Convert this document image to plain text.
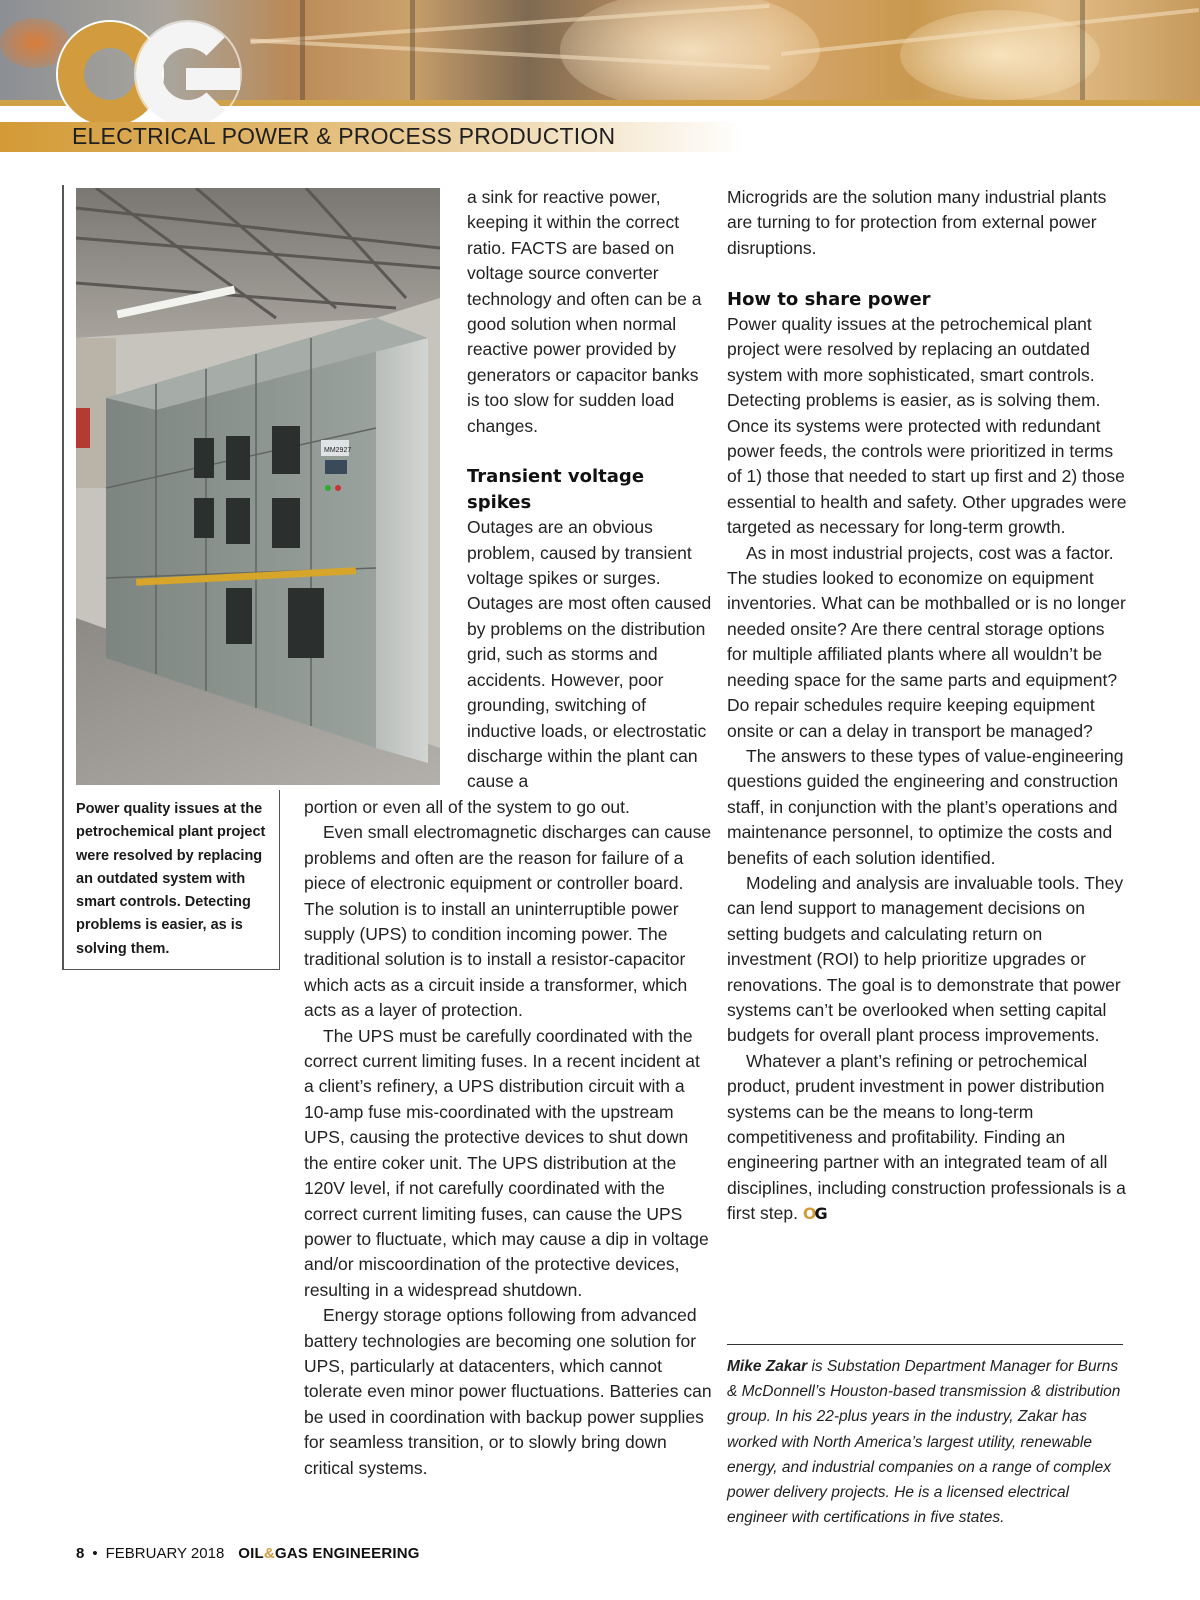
ELECTRICAL POWER & PROCESS PRODUCTION
MM2927
Power quality issues at the petrochemical plant project were resolved by replacing an outdated system with smart controls. Detecting problems is easier, as is solving them.

a sink for reactive power, keeping it within the correct ratio. FACTS are based on voltage source converter technology and often can be a good solution when normal reactive power provided by generators or capacitor banks is too slow for sudden load changes.

Transient voltage spikes

Outages are an obvious problem, caused by transient voltage spikes or surges. Outages are most often caused by problems on the distribution grid, such as storms and accidents. However, poor grounding, switching of inductive loads, or electrostatic discharge within the plant can cause a

portion or even all of the system to go out.

Even small electromagnetic discharges can cause problems and often are the reason for failure of a piece of electronic equipment or controller board. The solution is to install an uninterruptible power supply (UPS) to condition incoming power. The traditional solution is to install a resistor-capacitor which acts as a circuit inside a transformer, which acts as a layer of protection.

The UPS must be carefully coordinated with the correct current limiting fuses. In a recent incident at a client’s refinery, a UPS distribution circuit with a 10-amp fuse mis-coordinated with the upstream UPS, causing the protective devices to shut down the entire coker unit. The UPS distribution at the 120V level, if not carefully coordinated with the correct current limiting fuses, can cause the UPS power to fluctuate, which may cause a dip in voltage and/or miscoordination of the protective devices, resulting in a widespread shutdown.

Energy storage options following from advanced battery technologies are becoming one solution for UPS, particularly at datacenters, which cannot tolerate even minor power fluctuations. Batteries can be used in coordination with backup power supplies for seamless transition, or to slowly bring down critical systems.

Microgrids are the solution many industrial plants are turning to for protection from external power disruptions.

How to share power

Power quality issues at the petrochemical plant project were resolved by replacing an outdated system with more sophisticated, smart controls. Detecting problems is easier, as is solving them. Once its systems were protected with redundant power feeds, the controls were prioritized in terms of 1) those that needed to start up first and 2) those essential to health and safety. Other upgrades were targeted as necessary for long-term growth.

As in most industrial projects, cost was a factor. The studies looked to economize on equipment inventories. What can be mothballed or is no longer needed onsite? Are there central storage options for multiple affiliated plants where all wouldn’t be needing space for the same parts and equipment? Do repair schedules require keeping equipment onsite or can a delay in transport be managed?

The answers to these types of value-engineering questions guided the engineering and construction staff, in conjunction with the plant’s operations and maintenance personnel, to optimize the costs and benefits of each solution identified.

Modeling and analysis are invaluable tools. They can lend support to management decisions on setting budgets and calculating return on investment (ROI) to help prioritize upgrades or renovations. The goal is to demonstrate that power systems can’t be overlooked when setting capital budgets for overall plant process improvements.

Whatever a plant’s refining or petrochemical product, prudent investment in power distribution systems can be the means to long-term competitiveness and profitability. Finding an engineering partner with an integrated team of all disciplines, including construction professionals is a first step. OG

Mike Zakar is Substation Department Manager for Burns & McDonnell’s Houston-based transmission & distribution group. In his 22-plus years in the industry, Zakar has worked with North America’s largest utility, renewable energy, and industrial companies on a range of complex power delivery projects. He is a licensed electrical engineer with certifications in five states.
8 • FEBRUARY 2018 OIL&GAS ENGINEERING
